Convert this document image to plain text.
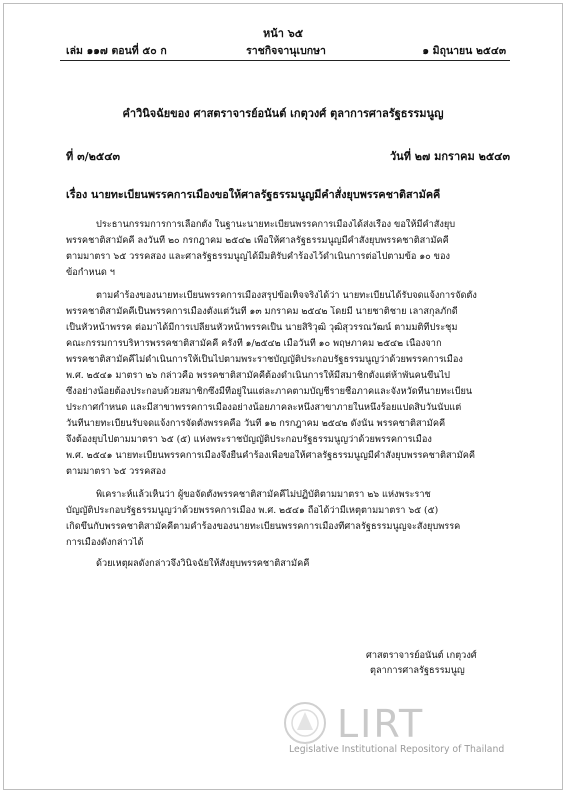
หน้า ๖๕
เล่ม ๑๑๗ ตอนที่ ๕๐ ก	ราชกิจจานุเบกษา	๑ มิถุนายน ๒๕๔๓
คำวินิจฉัยของ ศาสตราจารย์อนันต์ เกตุวงศ์ ตุลาการศาลรัฐธรรมนูญ
ที่ ๓/๒๕๔๓	วันที่ ๒๗ มกราคม ๒๕๔๓
เรื่อง นายทะเบียนพรรคการเมืองขอให้ศาลรัฐธรรมนูญมีคำสั่งยุบพรรคชาติสามัคคี
ประธานกรรมการการเลือกตั้ง ในฐานะนายทะเบียนพรรคการเมืองได้ส่งเรื่อง ขอให้มีคำสั่งยุบ
พรรคชาติสามัคคี ลงวันที่ ๒๐ กรกฎาคม ๒๕๔๒ เพื่อให้ศาลรัฐธรรมนูญมีคำสั่งยุบพรรคชาติสามัคคี
ตามมาตรา ๖๕ วรรคสอง และศาลรัฐธรรมนูญได้มีมติรับคำร้องไว้ดำเนินการต่อไปตามข้อ ๑๐ ของ
ข้อกำหนด ฯ
ตามคำร้องของนายทะเบียนพรรคการเมืองสรุปข้อเท็จจริงได้ว่า นายทะเบียนได้รับจดแจ้งการจัดตั้ง
พรรคชาติสามัคคีเป็นพรรคการเมืองตั้งแต่วันที่ ๑๓ มกราคม ๒๕๔๒ โดยมี นายชาติชาย เลาสกุลภักดี
เป็นหัวหน้าพรรค ต่อมาได้มีการเปลี่ยนหัวหน้าพรรคเป็น นายสิริวุฒิ วุฒิสุวรรณวัฒน์ ตามมติที่ประชุม
คณะกรรมการบริหารพรรคชาติสามัคคี ครั้งที่ ๑/๒๕๔๒ เมื่อวันที่ ๑๐ พฤษภาคม ๒๕๔๒ เนื่องจาก
พรรคชาติสามัคคีไม่ดำเนินการให้เป็นไปตามพระราชบัญญัติประกอบรัฐธรรมนูญว่าด้วยพรรคการเมือง
พ.ศ. ๒๕๔๑ มาตรา ๒๖ กล่าวคือ พรรคชาติสามัคคีต้องดำเนินการให้มีสมาชิกตั้งแต่ห้าพันคนขึ้นไป
ซึ่งอย่างน้อยต้องประกอบด้วยสมาชิกซึ่งมีที่อยู่ในแต่ละภาคตามบัญชีรายชื่อภาคและจังหวัดที่นายทะเบียน
ประกาศกำหนด และมีสาขาพรรคการเมืองอย่างน้อยภาคละหนึ่งสาขาภายในหนึ่งร้อยแปดสิบวันนับแต่
วันที่นายทะเบียนรับจดแจ้งการจัดตั้งพรรคคือ วันที่ ๑๒ กรกฎาคม ๒๕๔๒ ดังนั้น พรรคชาติสามัคคี
จึงต้องยุบไปตามมาตรา ๖๕ (๕) แห่งพระราชบัญญัติประกอบรัฐธรรมนูญว่าด้วยพรรคการเมือง
พ.ศ. ๒๕๔๑ นายทะเบียนพรรคการเมืองจึงยื่นคำร้องเพื่อขอให้ศาลรัฐธรรมนูญมีคำสั่งยุบพรรคชาติสามัคคี
ตามมาตรา ๖๕ วรรคสอง
พิเคราะห์แล้วเห็นว่า ผู้ขอจัดตั้งพรรคชาติสามัคคีไม่ปฏิบัติตามมาตรา ๒๖ แห่งพระราช
บัญญัติประกอบรัฐธรรมนูญว่าด้วยพรรคการเมือง พ.ศ. ๒๕๔๑ ถือได้ว่ามีเหตุตามมาตรา ๖๕ (๕)
เกิดขึ้นกับพรรคชาติสามัคคีตามคำร้องของนายทะเบียนพรรคการเมืองที่ศาลรัฐธรรมนูญจะสั่งยุบพรรค
การเมืองดังกล่าวได้
ด้วยเหตุผลดังกล่าวจึงวินิจฉัยให้สั่งยุบพรรคชาติสามัคคี
ศาสตราจารย์อนันต์ เกตุวงศ์
ตุลาการศาลรัฐธรรมนูญ
LIRT
Legislative Institutional Repository of Thailand
